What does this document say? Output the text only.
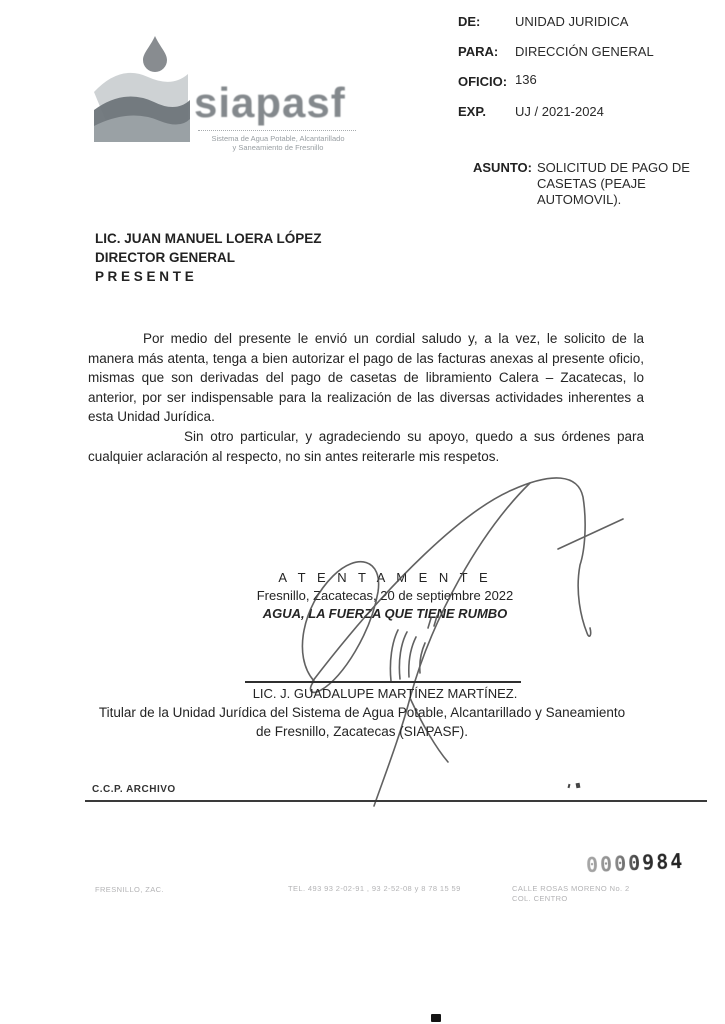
siapasf
Sistema de Agua Potable, Alcantarillado
y Saneamiento de Fresnillo
DE:	UNIDAD JURIDICA
PARA:	DIRECCIÓN GENERAL
OFICIO: 136
EXP.	UJ / 2021-2024
ASUNTO: SOLICITUD DE PAGO DE CASETAS (PEAJE AUTOMOVIL).
LIC. JUAN MANUEL LOERA LÓPEZ
DIRECTOR GENERAL
P R E S E N T E
Por medio del presente le envió un cordial saludo y, a la vez, le solicito de la manera más atenta, tenga a bien autorizar el pago de las facturas anexas al presente oficio, mismas que son derivadas del pago de casetas de libramiento Calera – Zacatecas, lo anterior, por ser indispensable para la realización de las diversas actividades inherentes a esta Unidad Jurídica.
Sin otro particular, y agradeciendo su apoyo, quedo a sus órdenes para cualquier aclaración al respecto, no sin antes reiterarle mis respetos.
A T E N T A M E N T E
Fresnillo, Zacatecas, 20 de septiembre 2022
AGUA, LA FUERZA QUE TIENE RUMBO
LIC. J. GUADALUPE MARTÍNEZ MARTÍNEZ.
Titular de la Unidad Jurídica del Sistema de Agua Potable, Alcantarillado y Saneamiento
de Fresnillo, Zacatecas (SIAPASF).
C.C.P. ARCHIVO
0000984
FRESNILLO, ZAC.	TEL. 493 93 2-02-91 , 93 2-52-08 y 8 78 15 59	CALLE ROSAS MORENO No. 2
COL. CENTRO
